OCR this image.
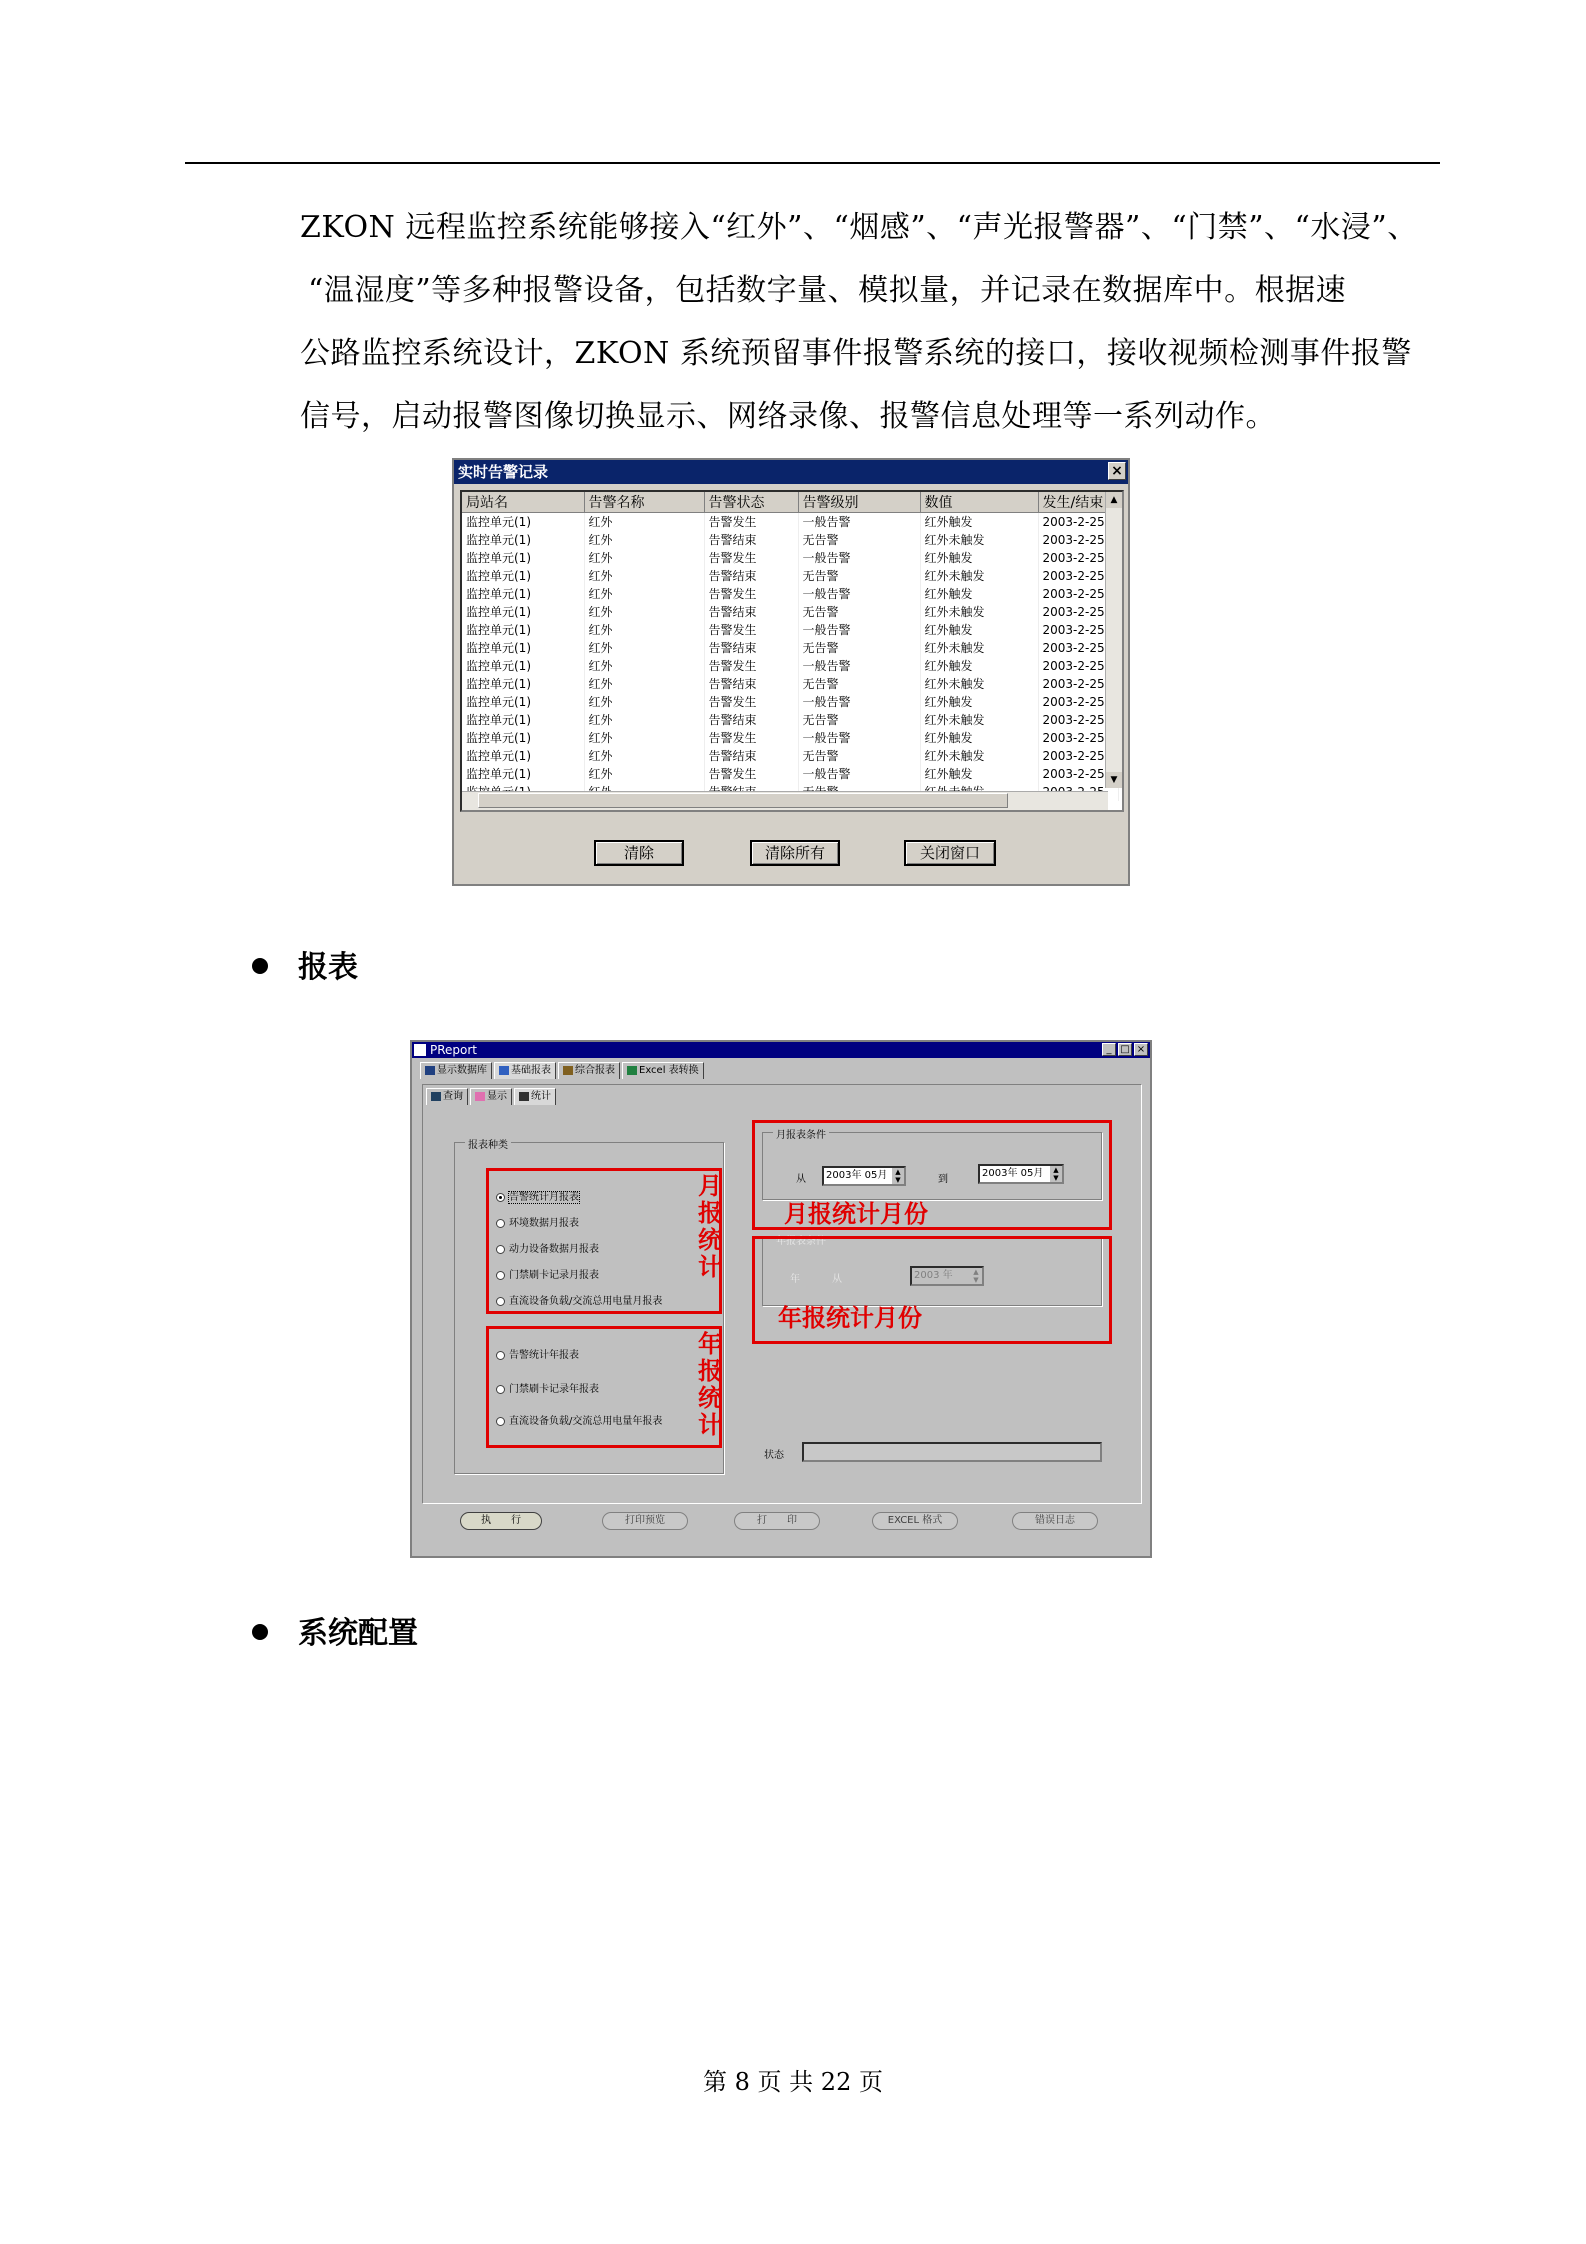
ZKON 远程监控系统能够接入“红外”、“烟感”、“声光报警器”、“门禁”、“水浸”、

“温湿度”等多种报警设备，包括数字量、模拟量，并记录在数据库中。根据速

公路监控系统设计，ZKON 系统预留事件报警系统的接口，接收视频检测事件报警

信号，启动报警图像切换显示、网络录像、报警信息处理等一系列动作。

实时告警记录	×
局站名	告警名称	告警状态	告警级别	数值	发生/结束
监控单元(1)	红外	告警发生	一般告警	红外触发	2003-2-25
监控单元(1)	红外	告警结束	无告警	红外未触发	2003-2-25
监控单元(1)	红外	告警发生	一般告警	红外触发	2003-2-25
监控单元(1)	红外	告警结束	无告警	红外未触发	2003-2-25
监控单元(1)	红外	告警发生	一般告警	红外触发	2003-2-25
监控单元(1)	红外	告警结束	无告警	红外未触发	2003-2-25
监控单元(1)	红外	告警发生	一般告警	红外触发	2003-2-25
监控单元(1)	红外	告警结束	无告警	红外未触发	2003-2-25
监控单元(1)	红外	告警发生	一般告警	红外触发	2003-2-25
监控单元(1)	红外	告警结束	无告警	红外未触发	2003-2-25
监控单元(1)	红外	告警发生	一般告警	红外触发	2003-2-25
监控单元(1)	红外	告警结束	无告警	红外未触发	2003-2-25
监控单元(1)	红外	告警发生	一般告警	红外触发	2003-2-25
监控单元(1)	红外	告警结束	无告警	红外未触发	2003-2-25
监控单元(1)	红外	告警发生	一般告警	红外触发	2003-2-25

▲
▼
清除	清除所有	关闭窗口
报表
PReport	_ □ ×
显示数据库	基础报表	综合报表	Excel 表转换
查询	显示	统计
报表种类
月报统计
年报统计
月报表条件
从	2003年 05月	▲
▼	到
2003年 05月	▲
▼
月报统计月份
年报表条件
年	从	2003 年	▲
▼
年报统计月份
状态
执　　行	打印预览	打　　印	EXCEL 格式	错误日志
告警统计月报表
环境数据月报表
动力设备数据月报表
门禁刷卡记录月报表
直流设备负载/交流总用电量月报表
告警统计年报表
门禁刷卡记录年报表
直流设备负载/交流总用电量年报表
系统配置
第 8 页 共 22 页
